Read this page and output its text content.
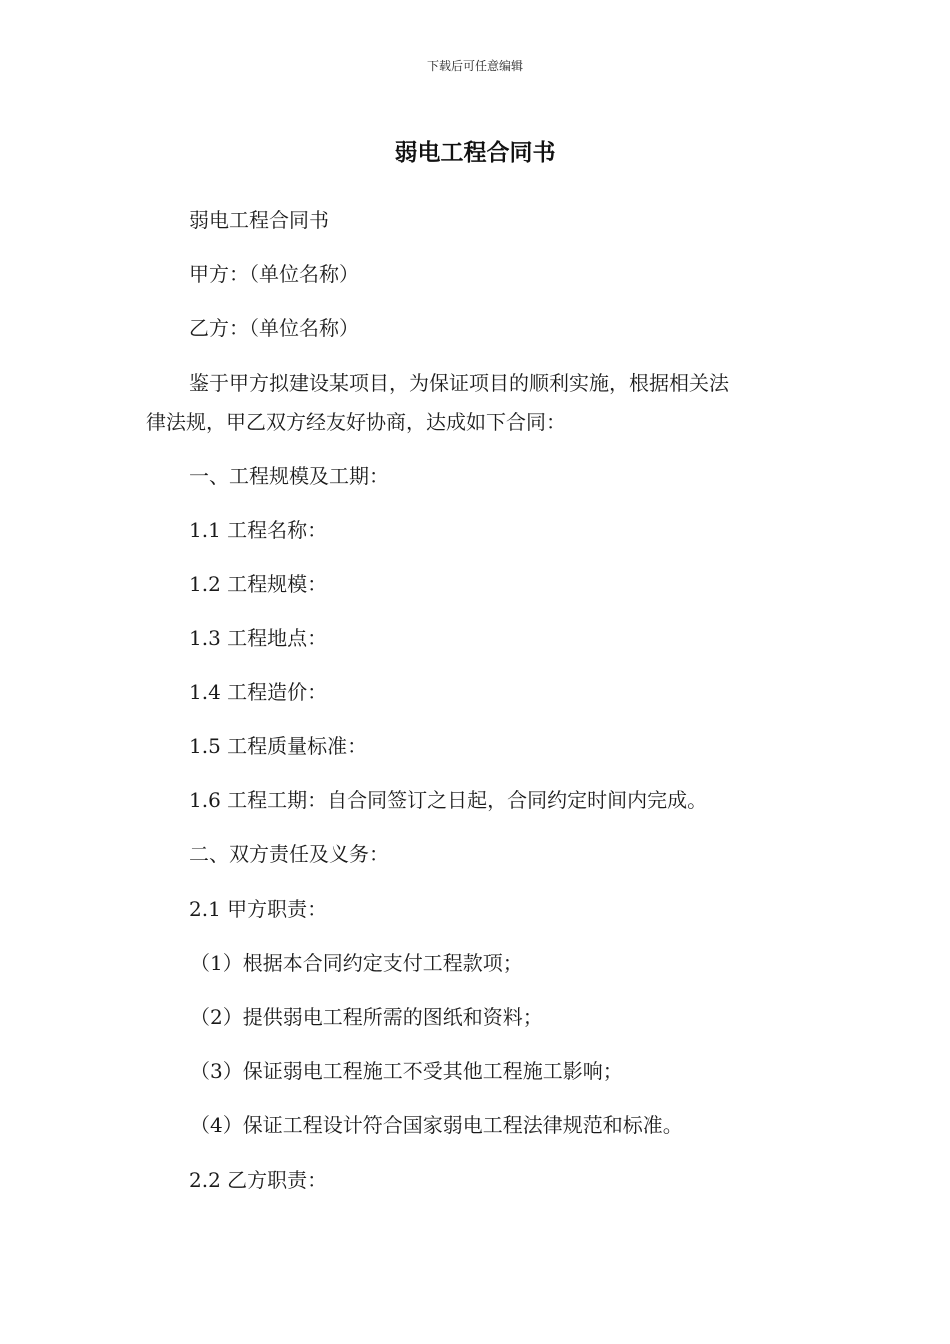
下载后可任意编辑
弱电工程合同书
弱电工程合同书
甲方：（单位名称）
乙方：（单位名称）
鉴于甲方拟建设某项目，为保证项目的顺利实施，根据相关法
律法规，甲乙双方经友好协商，达成如下合同：
一、工程规模及工期：
1.1 工程名称：
1.2 工程规模：
1.3 工程地点：
1.4 工程造价：
1.5 工程质量标准：
1.6 工程工期：自合同签订之日起，合同约定时间内完成。
二、双方责任及义务：
2.1 甲方职责：
（1）根据本合同约定支付工程款项；
（2）提供弱电工程所需的图纸和资料；
（3）保证弱电工程施工不受其他工程施工影响；
（4）保证工程设计符合国家弱电工程法律规范和标准。
2.2 乙方职责：
